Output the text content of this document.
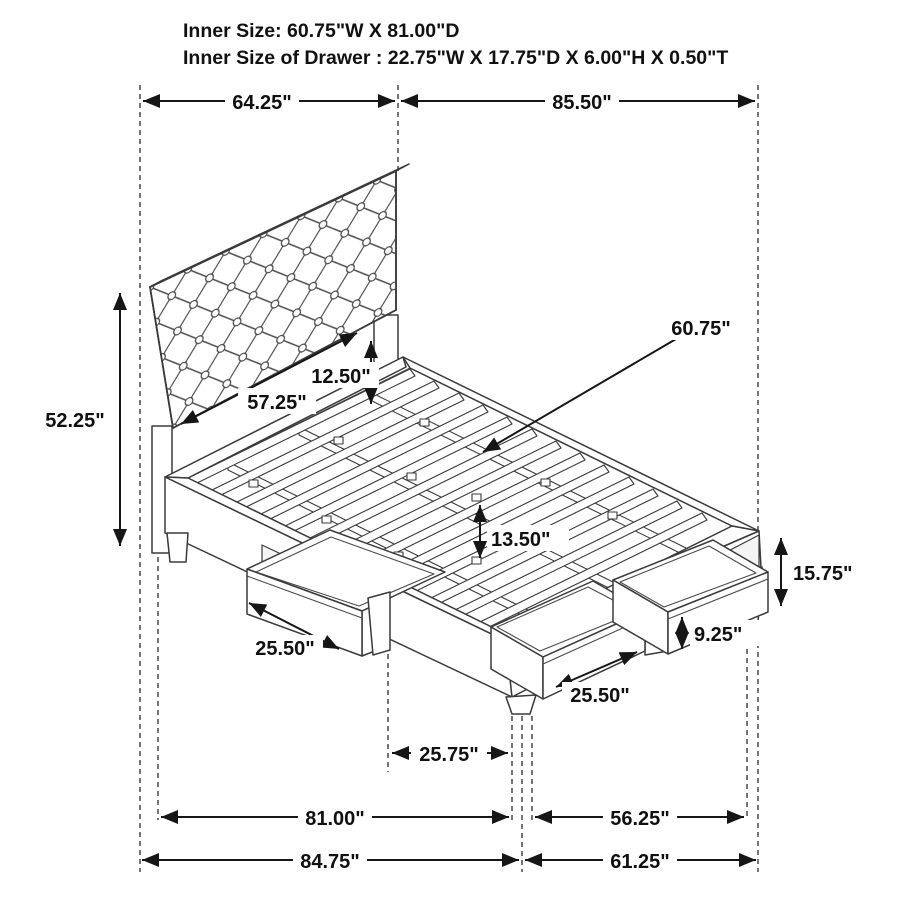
64.25"	85.50"
52.25"
57.25"
12.50"
13.50"
60.75"
25.50"
25.50"
15.75"
9.25"
25.75"
81.00"	56.25"
84.75"	61.25"
Inner Size: 60.75"W X 81.00"D
Inner Size of Drawer : 22.75"W X 17.75"D X 6.00"H X 0.50"T
